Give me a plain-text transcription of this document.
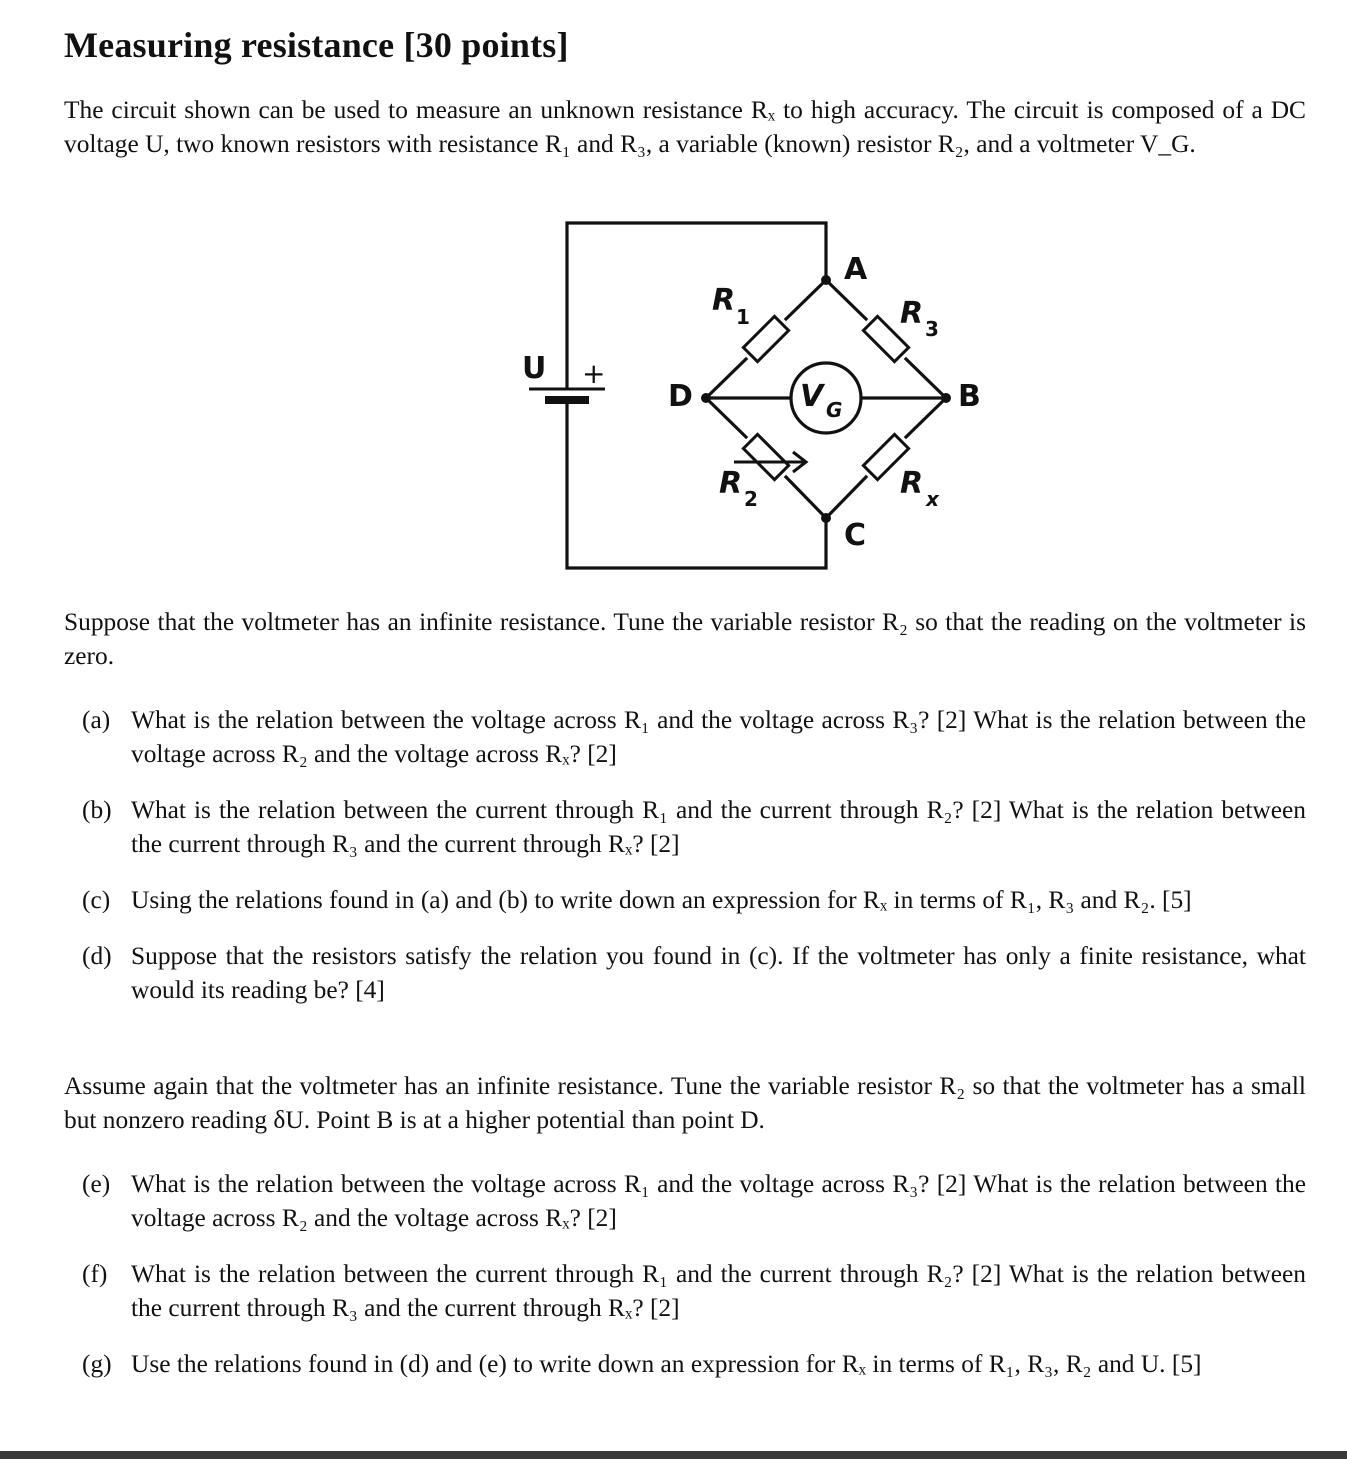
Measuring resistance [30 points]

The circuit shown can be used to measure an unknown resistance Rₓ to high accuracy. The circuit is composed of a DC voltage U, two known resistors with resistance R₁ and R₃, a variable (known) resistor R₂, and a voltmeter V_G.

A
B
C
D
U +
R 1	R 3
R 2	R x
V G

Suppose that the voltmeter has an infinite resistance. Tune the variable resistor R₂ so that the reading on the voltmeter is zero.

(a) What is the relation between the voltage across R₁ and the voltage across R₃? [2] What is the relation between the voltage across R₂ and the voltage across Rₓ? [2]
(b) What is the relation between the current through R₁ and the current through R₂? [2] What is the relation between the current through R₃ and the current through Rₓ? [2]
(c) Using the relations found in (a) and (b) to write down an expression for Rₓ in terms of R₁, R₃ and R₂. [5]
(d) Suppose that the resistors satisfy the relation you found in (c). If the voltmeter has only a finite resistance, what would its reading be? [4]

Assume again that the voltmeter has an infinite resistance. Tune the variable resistor R₂ so that the voltmeter has a small but nonzero reading δU. Point B is at a higher potential than point D.

(e) What is the relation between the voltage across R₁ and the voltage across R₃? [2] What is the relation between the voltage across R₂ and the voltage across Rₓ? [2]
(f) What is the relation between the current through R₁ and the current through R₂? [2] What is the relation between the current through R₃ and the current through Rₓ? [2]
(g) Use the relations found in (d) and (e) to write down an expression for Rₓ in terms of R₁, R₃, R₂ and U. [5]
